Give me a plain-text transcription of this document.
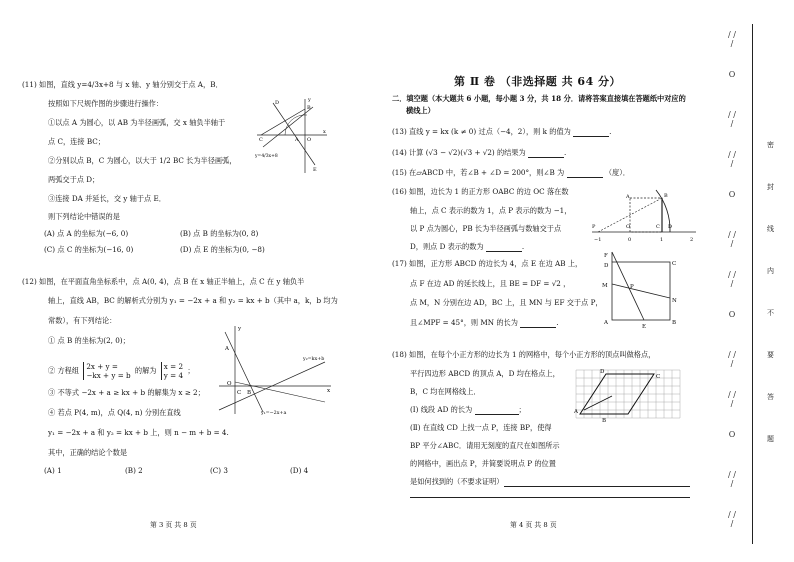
(11) 如图，直线 y=4/3x+8 与 x 轴、y 轴分别交于点 A，B．
按照如下尺规作图的步骤进行操作：
①以点 A 为圆心，以 AB 为半径画弧，交 x 轴负半轴于
点 C，连接 BC；
②分别以点 B，C 为圆心，以大于 1/2 BC 长为半径画弧，
两弧交于点 D；
③连接 DA 并延长，交 y 轴于点 E．
则下列结论中错误的是
(A) 点 A 的坐标为(−6, 0)	(B) 点 B 的坐标为(0, 8)
(C) 点 C 的坐标为(−16, 0)	(D) 点 E 的坐标为(0, −8)
D
B
C	A O
x
y
E
y=4/3x+8
(12) 如图，在平面直角坐标系中，点 A(0, 4)，点 B 在 x 轴正半轴上，点 C 在 y 轴负半
轴上，直线 AB，BC 的解析式分别为 y₁ = −2x + a 和 y₂ = kx + b（其中 a，k，b 均为
常数），有下列结论：
① 点 B 的坐标为(2, 0)；
② 方程组 2x + y =
−kx + y = b 的解为 x = 2
y = 4 ；
③ 不等式 −2x + a ≥ kx + b 的解集为 x ≥ 2；
④ 若点 P(4, m)，点 Q(4, n) 分别在直线
y₁ = −2x + a 和 y₂ = kx + b 上，则 n − m + b = 4.
其中，正确的结论个数是
(A) 1	(B) 2	(C) 3	(D) 4
y
A
O
B
C	x
y₂=kx+b
y₁=−2x+a
第 3 页 共 8 页
第 Ⅱ 卷 （非选择题 共 64 分）
二．填空题（本大题共 6 小题，每小题 3 分，共 18 分．请将答案直接填在答题纸中对应的
横线上）
(13) 直线 y = kx (k ≠ 0) 过点（−4，2），则 k 的值为	.
(14) 计算 (√3 − √2)(√3 + √2) 的结果为	.
(15) 在▱ABCD 中，若∠B + ∠D = 200°，则∠B 为	（度）．
(16) 如图，边长为 1 的正方形 OABC 的边 OC 落在数
轴上，点 C 表示的数为 1，点 P 表示的数为 −1，
以 P 点为圆心，PB 长为半径画弧与数轴交于点
D，则点 D 表示的数为	.
A	B
P	O	C D
−1	0	1	2
(17) 如图，正方形 ABCD 的边长为 4，点 E 在边 AB 上，
点 F 在边 AD 的延长线上，且 BE = DF = √2 ，
点 M，N 分别在边 AD，BC 上，且 MN 与 EF 交于点 P，
且∠MPF = 45°，则 MN 的长为	.
F
D	C
M	P
N
A
E
B
(18) 如图，在每个小正方形的边长为 1 的网格中，每个小正方形的顶点叫做格点，
平行四边形 ABCD 的顶点 A，D 均在格点上，
B，C 均在网格线上．
(Ⅰ) 线段 AD 的长为	；
(Ⅱ) 在直线 CD 上找一点 P，连接 BP，使得
BP 平分∠ABC．请用无刻度的直尺在如图所示
的网格中，画出点 P，并简要说明点 P 的位置
是如何找到的（不要求证明）
A
B
C
D
第 4 页 共 8 页
密
封
线
内
不
要
答
题
/ / /
O
/ / /
/ / /
O
/ / /
/ / /
O
/ / /
/ / /
O
/ / /
/ / /
